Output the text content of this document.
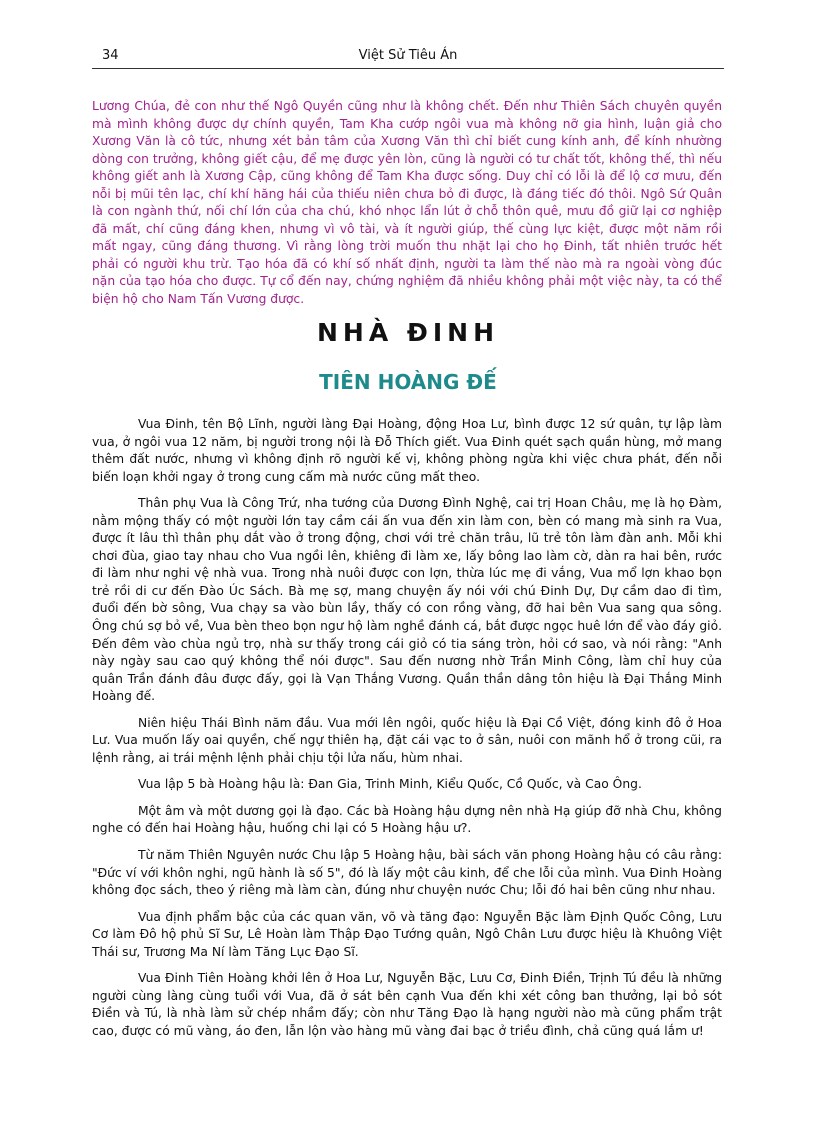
34	Việt Sử Tiêu Án

Lương Chúa, đẻ con như thế Ngô Quyền cũng như là không chết. Đến như Thiên Sách chuyên quyền mà mình không được dự chính quyền, Tam Kha cướp ngôi vua mà không nỡ gia hình, luận giả cho Xương Văn là cô tức, nhưng xét bản tâm của Xương Văn thì chỉ biết cung kính anh, để kính nhường dòng con trưởng, không giết cậu, để mẹ được yên lòn, cũng là người có tư chất tốt, không thế, thì nếu không giết anh là Xương Cập, cũng không để Tam Kha được sống. Duy chỉ có lỗi là để lộ cơ mưu, đến nỗi bị mũi tên lạc, chí khí hăng hái của thiếu niên chưa bỏ đi được, là đáng tiếc đó thôi. Ngô Sứ Quân là con ngành thứ, nối chí lớn của cha chú, khó nhọc lẩn lút ở chỗ thôn quê, mưu đồ giữ lại cơ nghiệp đã mất, chí cũng đáng khen, nhưng vì vô tài, và ít người giúp, thế cùng lực kiệt, được một năm rồi mất ngay, cũng đáng thương. Vì rằng lòng trời muốn thu nhặt lại cho họ Đinh, tất nhiên trước hết phải có người khu trừ. Tạo hóa đã có khí số nhất định, người ta làm thế nào mà ra ngoài vòng đúc nặn của tạo hóa cho được. Tự cổ đến nay, chứng nghiệm đã nhiều không phải một việc này, ta có thể biện hộ cho Nam Tấn Vương được.

NHÀ ĐINH
TIÊN HOÀNG ĐẾ

Vua Đinh, tên Bộ Lĩnh, người làng Đại Hoàng, động Hoa Lư, bình được 12 sứ quân, tự lập làm vua, ở ngôi vua 12 năm, bị người trong nội là Đỗ Thích giết. Vua Đinh quét sạch quần hùng, mở mang thêm đất nước, nhưng vì không định rõ người kế vị, không phòng ngừa khi việc chưa phát, đến nỗi biến loạn khởi ngay ở trong cung cấm mà nước cũng mất theo.

Thân phụ Vua là Công Trứ, nha tướng của Dương Đình Nghệ, cai trị Hoan Châu, mẹ là họ Đàm, nằm mộng thấy có một người lớn tay cầm cái ấn vua đến xin làm con, bèn có mang mà sinh ra Vua, được ít lâu thì thân phụ dắt vào ở trong động, chơi với trẻ chăn trâu, lũ trẻ tôn làm đàn anh. Mỗi khi chơi đùa, giao tay nhau cho Vua ngồi lên, khiêng đi làm xe, lấy bông lao làm cờ, dàn ra hai bên, rước đi làm như nghi vệ nhà vua. Trong nhà nuôi được con lợn, thừa lúc mẹ đi vắng, Vua mổ lợn khao bọn trẻ rồi di cư đến Đào Úc Sách. Bà mẹ sợ, mang chuyện ấy nói với chú Đinh Dự, Dự cầm dao đi tìm, đuổi đến bờ sông, Vua chạy sa vào bùn lầy, thấy có con rồng vàng, đỡ hai bên Vua sang qua sông. Ông chú sợ bỏ về, Vua bèn theo bọn ngư hộ làm nghề đánh cá, bắt được ngọc huê lớn để vào đáy giỏ. Đến đêm vào chùa ngủ trọ, nhà sư thấy trong cái giỏ có tia sáng tròn, hỏi cớ sao, và nói rằng: "Anh này ngày sau cao quý không thể nói được". Sau đến nương nhờ Trần Minh Công, làm chỉ huy của quân Trần đánh đâu được đấy, gọi là Vạn Thắng Vương. Quần thần dâng tôn hiệu là Đại Thắng Minh Hoàng đế.

Niên hiệu Thái Bình năm đầu. Vua mới lên ngôi, quốc hiệu là Đại Cồ Việt, đóng kinh đô ở Hoa Lư. Vua muốn lấy oai quyền, chế ngự thiên hạ, đặt cái vạc to ở sân, nuôi con mãnh hổ ở trong cũi, ra lệnh rằng, ai trái mệnh lệnh phải chịu tội lửa nấu, hùm nhai.

Vua lập 5 bà Hoàng hậu là: Đan Gia, Trinh Minh, Kiểu Quốc, Cồ Quốc, và Cao Ông.

Một âm và một dương gọi là đạo. Các bà Hoàng hậu dựng nên nhà Hạ giúp đỡ nhà Chu, không nghe có đến hai Hoàng hậu, huống chi lại có 5 Hoàng hậu ư?.

Từ năm Thiên Nguyên nước Chu lập 5 Hoàng hậu, bài sách văn phong Hoàng hậu có câu rằng: "Đức ví với khôn nghi, ngũ hành là số 5", đó là lấy một câu kinh, để che lỗi của mình. Vua Đinh Hoàng không đọc sách, theo ý riêng mà làm càn, đúng như chuyện nước Chu; lỗi đó hai bên cũng như nhau.

Vua định phẩm bậc của các quan văn, võ và tăng đạo: Nguyễn Bặc làm Định Quốc Công, Lưu Cơ làm Đô hộ phủ Sĩ Sư, Lê Hoàn làm Thập Đạo Tướng quân, Ngô Chân Lưu được hiệu là Khuông Việt Thái sư, Trương Ma Ní làm Tăng Lục Đạo Sĩ.

Vua Đinh Tiên Hoàng khởi lên ở Hoa Lư, Nguyễn Bặc, Lưu Cơ, Đinh Điền, Trịnh Tú đều là những người cùng làng cùng tuổi với Vua, đã ở sát bên cạnh Vua đến khi xét công ban thưởng, lại bỏ sót Điền và Tú, là nhà làm sử chép nhầm đấy; còn như Tăng Đạo là hạng người nào mà cũng phẩm trật cao, được có mũ vàng, áo đen, lẫn lộn vào hàng mũ vàng đai bạc ở triều đình, chả cũng quá lắm ư!
